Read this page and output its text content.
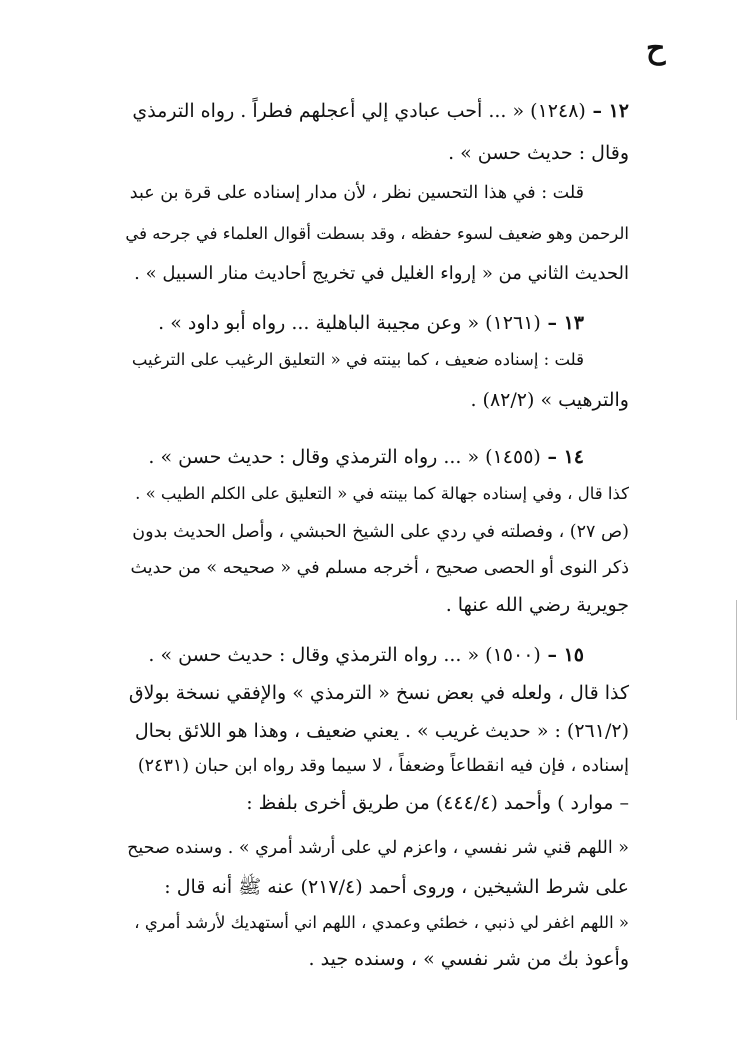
ح
١٢ – (١٢٤٨) « ... أحب عبادي إلي أعجلهم فطراً . رواه الترمذي
وقال : حديث حسن » .
قلت : في هذا التحسين نظر ، لأن مدار إسناده على قرة بن عبد
الرحمن وهو ضعيف لسوء حفظه ، وقد بسطت أقوال العلماء في جرحه في
الحديث الثاني من « إرواء الغليل في تخريج أحاديث منار السبيل » .
١٣ – (١٢٦١) « وعن مجيبة الباهلية ... رواه أبو داود » .
قلت : إسناده ضعيف ، كما بينته في « التعليق الرغيب على الترغيب
والترهيب » (٨٢/٢) .
١٤ – (١٤٥٥) « ... رواه الترمذي وقال : حديث حسن » .
كذا قال ، وفي إسناده جهالة كما بينته في « التعليق على الكلم الطيب » .
(ص ٢٧) ، وفصلته في ردي على الشيخ الحبشي ، وأصل الحديث بدون
ذكر النوى أو الحصى صحيح ، أخرجه مسلم في « صحيحه » من حديث
جويرية رضي الله عنها .
١٥ – (١٥٠٠) « ... رواه الترمذي وقال : حديث حسن » .
كذا قال ، ولعله في بعض نسخ « الترمذي » والإفقي نسخة بولاق
(٢٦١/٢) : « حديث غريب » . يعني ضعيف ، وهذا هو اللائق بحال
إسناده ، فإن فيه انقطاعاً وضعفاً ، لا سيما وقد رواه ابن حبان (٢٤٣١)
– موارد ) وأحمد (٤٤٤/٤) من طريق أخرى بلفظ :
« اللهم قني شر نفسي ، واعزم لي على أرشد أمري » . وسنده صحيح
على شرط الشيخين ، وروى أحمد (٢١٧/٤) عنه ﷺ أنه قال :
« اللهم اغفر لي ذنبي ، خطئي وعمدي ، اللهم اني أستهديك لأرشد أمري ،
وأعوذ بك من شر نفسي » ، وسنده جيد .
